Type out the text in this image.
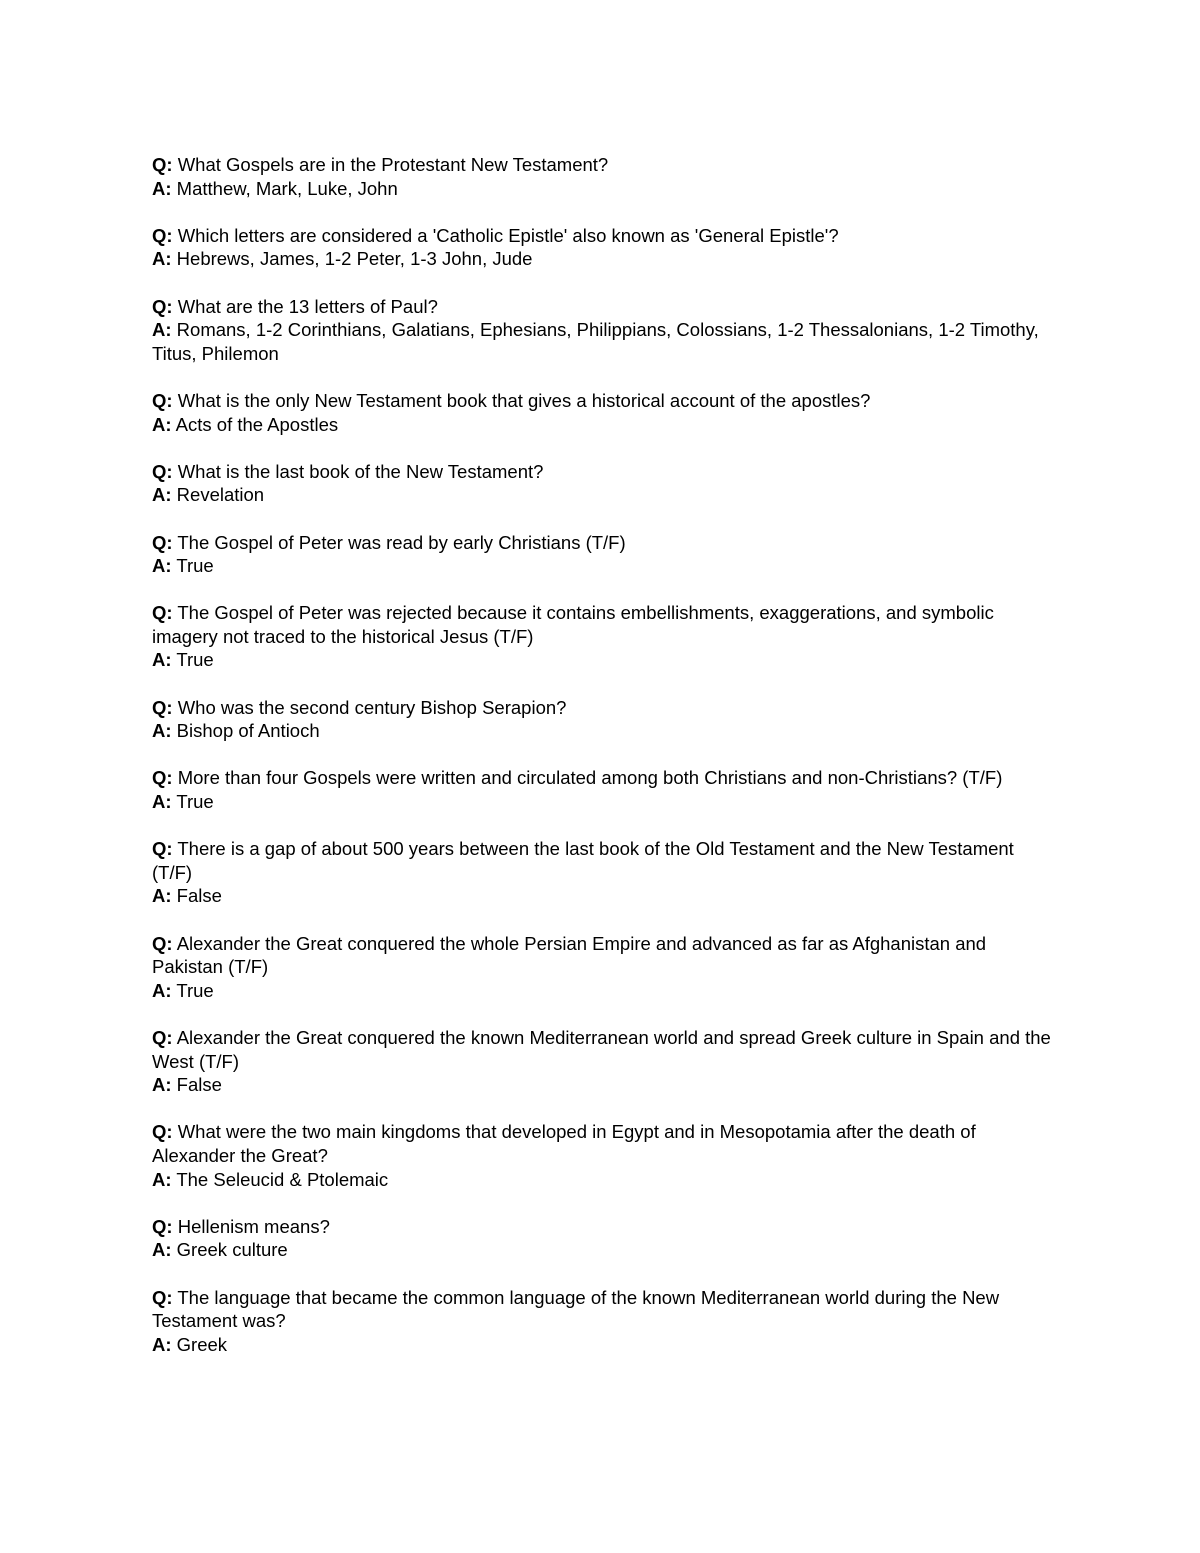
Q: What Gospels are in the Protestant New Testament?
A: Matthew, Mark, Luke, John
Q: Which letters are considered a 'Catholic Epistle' also known as 'General Epistle'?
A: Hebrews, James, 1-2 Peter, 1-3 John, Jude
Q: What are the 13 letters of Paul?
A: Romans, 1-2 Corinthians, Galatians, Ephesians, Philippians, Colossians, 1-2 Thessalonians, 1-2 Timothy, Titus, Philemon
Q: What is the only New Testament book that gives a historical account of the apostles?
A: Acts of the Apostles
Q: What is the last book of the New Testament?
A: Revelation
Q: The Gospel of Peter was read by early Christians (T/F)
A: True
Q: The Gospel of Peter was rejected because it contains embellishments, exaggerations, and symbolic imagery not traced to the historical Jesus (T/F)
A: True
Q: Who was the second century Bishop Serapion?
A: Bishop of Antioch
Q: More than four Gospels were written and circulated among both Christians and non-Christians? (T/F)
A: True
Q: There is a gap of about 500 years between the last book of the Old Testament and the New Testament (T/F)
A: False
Q: Alexander the Great conquered the whole Persian Empire and advanced as far as Afghanistan and Pakistan (T/F)
A: True
Q: Alexander the Great conquered the known Mediterranean world and spread Greek culture in Spain and the West (T/F)
A: False
Q: What were the two main kingdoms that developed in Egypt and in Mesopotamia after the death of Alexander the Great?
A: The Seleucid & Ptolemaic
Q: Hellenism means?
A: Greek culture
Q: The language that became the common language of the known Mediterranean world during the New Testament was?
A: Greek
